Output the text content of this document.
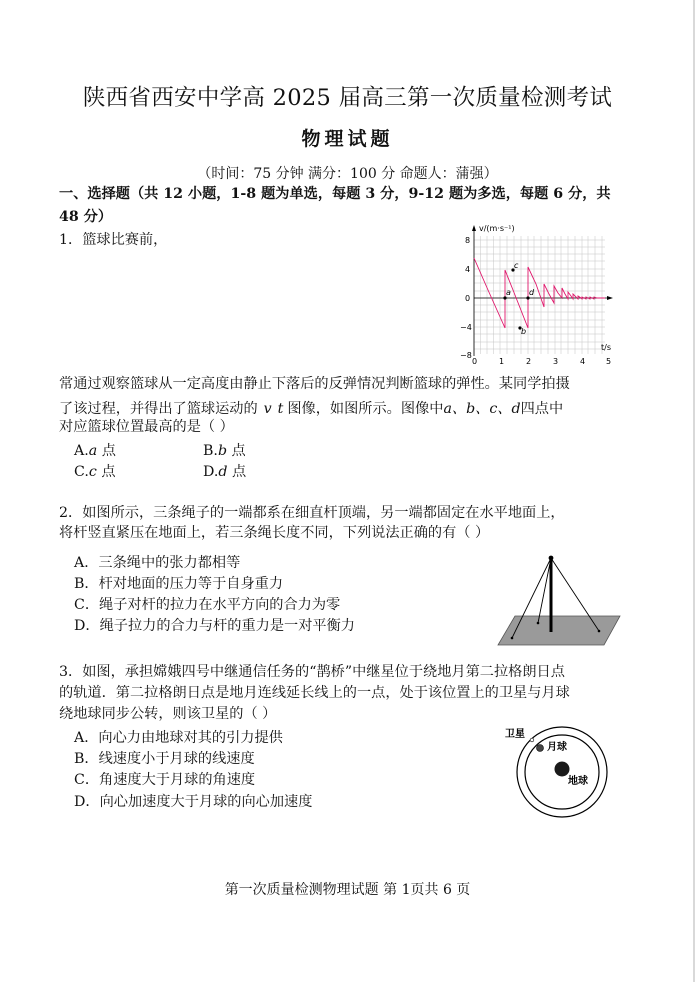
陕西省西安中学高 2025 届高三第一次质量检测考试
物理试题
（时间：75 分钟 满分：100 分 命题人：蒲强）
一、选择题（共 12 小题，1-8 题为单选，每题 3 分，9-12 题为多选，每题 6 分，共
48 分）
1．篮球比赛前，
v/(m·s⁻¹)
t/s
8
4
0
−4
−8
0	1	2	3	4	5
a
b
c
d
常通过观察篮球从一定高度由静止下落后的反弹情况判断篮球的弹性。某同学拍摄
了该过程，并得出了篮球运动的 v t 图像，如图所示。图像中a、b、c、d四点中
对应篮球位置最高的是（ ）
A.a 点	B.b 点
C.c 点	D.d 点
2．如图所示，三条绳子的一端都系在细直杆顶端，另一端都固定在水平地面上，
将杆竖直紧压在地面上，若三条绳长度不同，下列说法正确的有（ ）
A．三条绳中的张力都相等
B．杆对地面的压力等于自身重力
C．绳子对杆的拉力在水平方向的合力为零
D．绳子拉力的合力与杆的重力是一对平衡力
3．如图，承担嫦娥四号中继通信任务的“鹊桥”中继星位于绕地月第二拉格朗日点
的轨道．第二拉格朗日点是地月连线延长线上的一点，处于该位置上的卫星与月球
绕地球同步公转，则该卫星的（ ）
A．向心力由地球对其的引力提供
B．线速度小于月球的线速度
C．角速度大于月球的角速度
D．向心加速度大于月球的向心加速度
卫星
月球
地球
第一次质量检测物理试题 第 1页共 6 页
